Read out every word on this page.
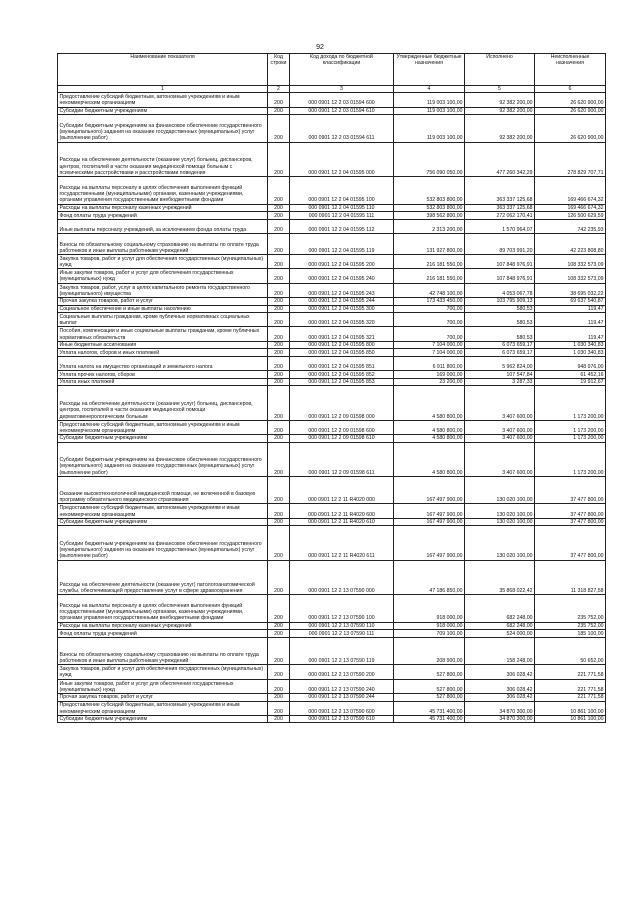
92
Наименование показателя	Код строки	Код дохода по бюджетной классификации	Утвержденные бюджетные назначения	Исполнено	Неисполненные назначения
1	2	3	4	5	6
Предоставление субсидий бюджетным, автономным учреждениям и иным некоммерческим организациям	200	000 0901 12 2 03 01594 600	119 003 100,00	92 382 200,00	26 620 900,00
Субсидии бюджетным учреждениям	200	000 0901 12 2 03 01594 610	119 003 100,00	92 382 200,00	26 620 900,00
Субсидии бюджетным учреждениям на финансовое обеспечение государственного (муниципального) задания на оказание государственных (муниципальных) услуг (выполнение работ)	200	000 0901 12 2 03 01594 611	119 003 100,00	92 382 200,00	26 620 900,00
Расходы на обеспечение деятельности (оказание услуг) больниц, диспансеров, центров, госпиталей в части оказания медицинской помощи больным с психическими расстройствами и расстройствами поведения	200	000 0901 12 2 04 01595 000	756 090 050,00	477 260 342,29	278 829 707,71
Расходы на выплаты персоналу в целях обеспечения выполнения функций государственными (муниципальными) органами, казенными учреждениями, органами управления государственными внебюджетными фондами	200	000 0901 12 2 04 01595 100	532 803 800,00	363 337 125,68	169 466 674,32
Расходы на выплаты персоналу казенных учреждений	200	000 0901 12 2 04 01595 110	532 803 800,00	363 337 125,68	169 466 674,32
Фонд оплаты труда учреждений	200	000 0901 12 2 04 01595 111	398 562 800,00	272 062 170,41	126 500 629,59
Иные выплаты персоналу учреждений, за исключением фонда оплаты труда	200	000 0901 12 2 04 01595 112	2 313 200,00	1 570 964,07	742 235,93
Взносы по обязательному социальному страхованию на выплаты по оплате труда работников и иные выплаты работникам учреждений	200	000 0901 12 2 04 01595 119	131 927 800,00	89 703 991,20	42 223 808,80
Закупка товаров, работ и услуг для обеспечения государственных (муниципальных) нужд	200	000 0901 12 2 04 01595 200	216 181 550,00	107 848 976,91	108 332 573,09
Иные закупки товаров, работ и услуг для обеспечения государственных (муниципальных) нужд	200	000 0901 12 2 04 01595 240	216 181 550,00	107 848 976,91	108 332 573,09
Закупка товаров, работ, услуг в целях капитального ремонта государственного (муниципального) имущества	200	000 0901 12 2 04 01595 243	42 748 100,00	4 053 067,78	38 695 032,22
Прочая закупка товаров, работ и услуг	200	000 0901 12 2 04 01595 244	173 433 450,00	103 795 909,13	69 637 540,87
Социальное обеспечение и иные выплаты населению	200	000 0901 12 2 04 01595 300	700,00	580,53	119,47
Социальные выплаты гражданам, кроме публичных нормативных социальных выплат	200	000 0901 12 2 04 01595 320	700,00	580,53	119,47
Пособия, компенсации и иные социальные выплаты гражданам, кроме публичных нормативных обязательств	200	000 0901 12 2 04 01595 321	700,00	580,53	119,47
Иные бюджетные ассигнования	200	000 0901 12 2 04 01595 800	7 104 000,00	6 073 659,17	1 030 340,83
Уплата налогов, сборов и иных платежей	200	000 0901 12 2 04 01595 850	7 104 000,00	6 073 659,17	1 030 340,83
Уплата налога на имущество организаций и земельного налога	200	000 0901 12 2 04 01595 851	6 911 800,00	5 962 824,00	948 976,00
Уплата прочих налогов, сборов	200	000 0901 12 2 04 01595 852	169 000,00	107 547,84	61 452,16
Уплата иных платежей	200	000 0901 12 2 04 01595 853	23 200,00	3 287,33	19 912,67
Расходы на обеспечение деятельности (оказание услуг) больниц, диспансеров, центров, госпиталей в части оказания медицинской помощи дерматовенерологическим больным	200	000 0901 12 2 09 01598 000	4 580 800,00	3 407 600,00	1 173 200,00
Предоставление субсидий бюджетным, автономным учреждениям и иным некоммерческим организациям	200	000 0901 12 2 09 01598 600	4 580 800,00	3 407 600,00	1 173 200,00
Субсидии бюджетным учреждениям	200	000 0901 12 2 09 01598 610	4 580 800,00	3 407 600,00	1 173 200,00
Субсидии бюджетным учреждениям на финансовое обеспечение государственного (муниципального) задания на оказание государственных (муниципальных) услуг (выполнение работ)	200	000 0901 12 2 09 01598 611	4 580 800,00	3 407 600,00	1 173 200,00
Оказание высокотехнологичной медицинской помощи, не включенной в базовую программу обязательного медицинского страхования	200	000 0901 12 2 11 R4020 000	167 497 900,00	130 020 100,00	37 477 800,00
Предоставление субсидий бюджетным, автономным учреждениям и иным некоммерческим организациям	200	000 0901 12 2 11 R4020 600	167 497 900,00	130 020 100,00	37 477 800,00
Субсидии бюджетным учреждениям	200	000 0901 12 2 11 R4020 610	167 497 900,00	130 020 100,00	37 477 800,00
Субсидии бюджетным учреждениям на финансовое обеспечение государственного (муниципального) задания на оказание государственных (муниципальных) услуг (выполнение работ)	200	000 0901 12 2 11 R4020 611	167 497 900,00	130 020 100,00	37 477 800,00
Расходы на обеспечение деятельности (оказание услуг) патологоанатомической службы, обеспечивающей предоставление услуг в сфере здравоохранения	200	000 0901 12 2 13 07590 000	47 186 850,00	35 868 022,42	11 318 827,58
Расходы на выплаты персоналу в целях обеспечения выполнения функций государственными (муниципальными) органами, казенными учреждениями, органами управления государственными внебюджетными фондами	200	000 0901 12 2 13 07590 100	918 000,00	682 248,00	235 752,00
Расходы на выплаты персоналу казенных учреждений	200	000 0901 12 2 13 07590 110	918 000,00	682 248,00	235 752,00
Фонд оплаты труда учреждений	200	000 0901 12 2 13 07590 111	709 100,00	524 000,00	185 100,00
Взносы по обязательному социальному страхованию на выплаты по оплате труда работников и иные выплаты работникам учреждений	200	000 0901 12 2 13 07590 119	208 900,00	158 248,00	50 652,00
Закупка товаров, работ и услуг для обеспечения государственных (муниципальных) нужд	200	000 0901 12 2 13 07590 200	527 800,00	306 028,42	221 771,58
Иные закупки товаров, работ и услуг для обеспечения государственных (муниципальных) нужд	200	000 0901 12 2 13 07590 240	527 800,00	306 028,42	221 771,58
Прочая закупка товаров, работ и услуг	200	000 0901 12 2 13 07590 244	527 800,00	306 028,42	221 771,58
Предоставление субсидий бюджетным, автономным учреждениям и иным некоммерческим организациям	200	000 0901 12 2 13 07590 600	45 731 400,00	34 870 300,00	10 861 100,00
Субсидии бюджетным учреждениям	200	000 0901 12 2 13 07590 610	45 731 400,00	34 870 300,00	10 861 100,00
